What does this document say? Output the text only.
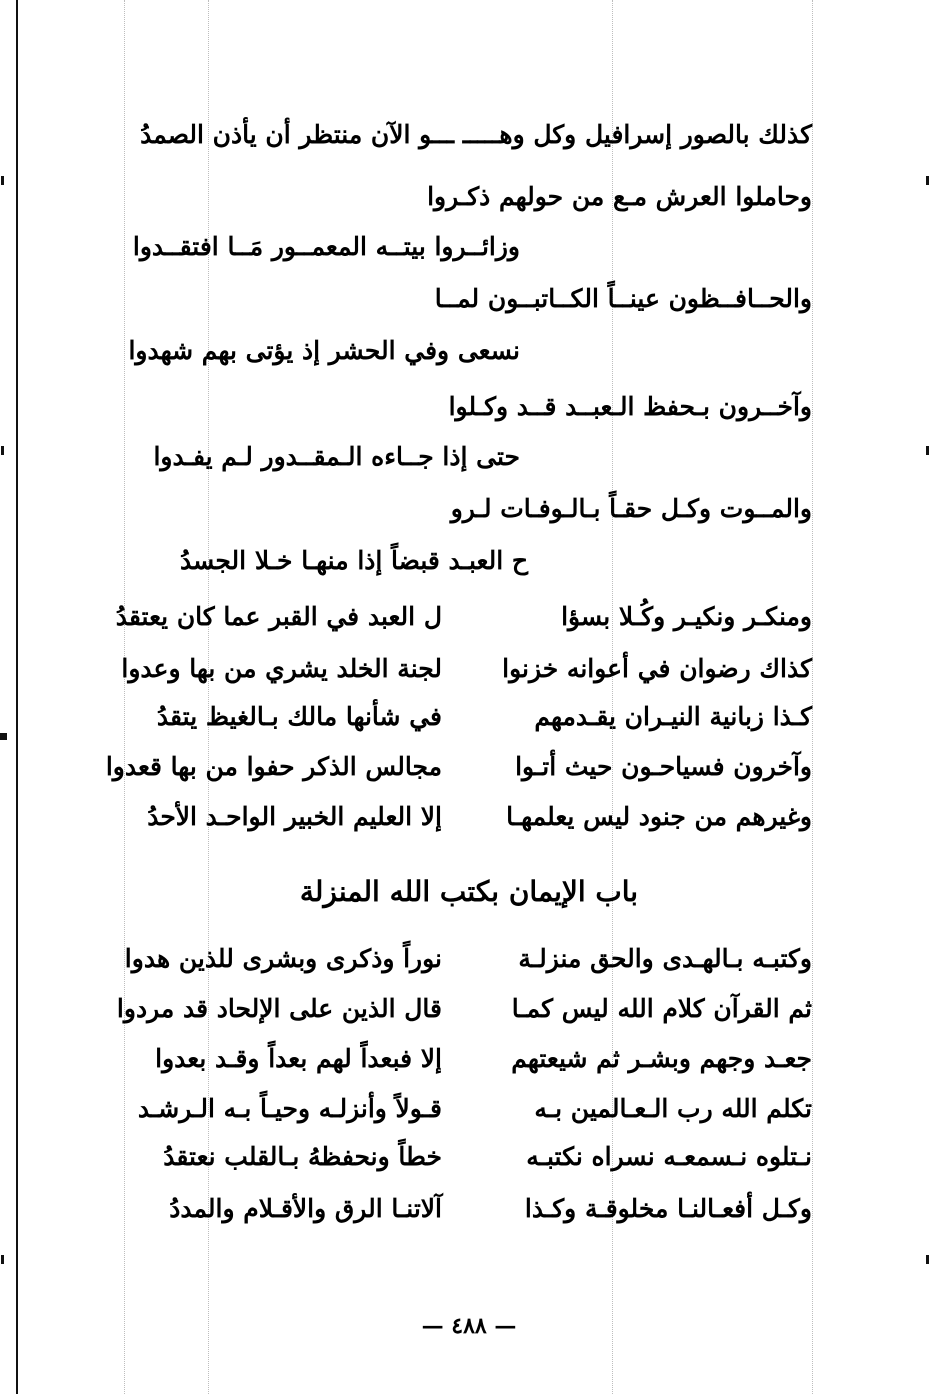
كذلك بالصور إسرافيل وكل وهـــــ ـــو الآن منتظر أن يأذن الصمدُ
وحاملوا العرش مـع من حولهم ذكـروا
وزائــروا بيتــه المعمــور مَــا افتقــدوا
والحــافــظون عينــاً الكــاتبــون لمــا
نسعى وفي الحشر إذ يؤتى بهم شهدوا
وآخــرون بـحفظ الـعبــد قــد وكـلوا
حتى إذا جــاءه الـمقــدور لـم يفـدوا
والمــوت وكـل حقـاً بـالـوفـات لـرو
ح العبـد قبضاً إذا منهـا خـلا الجسدُ
ومنكـر ونكيـر وكُـلا بسؤا
ل العبد في القبر عما كان يعتقدُ
كذاك رضوان في أعوانه خزنوا
لجنة الخلد يشري من بها وعدوا
كـذا زبانية النيـران يقـدمهم
في شأنها مالك بـالغيظ يتقدُ
وآخرون فسياحـون حيث أتـوا
مجالس الذكر حفوا من بها قعدوا
وغيرهم من جنود ليس يعلمهـا
إلا العليم الخبير الواحـد الأحدُ
باب الإيمان بكتب الله المنزلة
وكتبـه بـالهـدى والحق منزلـة
نوراً وذكرى وبشرى للذين هدوا
ثم القرآن كلام الله ليس كمـا
قال الذين على الإلحاد قد مردوا
جعـد وجهم وبشـر ثم شيعتهم
إلا فبعداً لهم بعداً وقـد بعدوا
تكلم الله رب الـعـالمين بـه
قـولاً وأنزلـه وحيـاً بـه الـرشـد
نـتلوه نـسمعـه نسراه نكتبـه
خطاً ونحفظهُ بـالقلب نعتقدُ
وكـل أفعـالنـا مخلوقـة وكـذا
آلاتنـا الرق والأقـلام والمددُ
— ٤٨٨ —
